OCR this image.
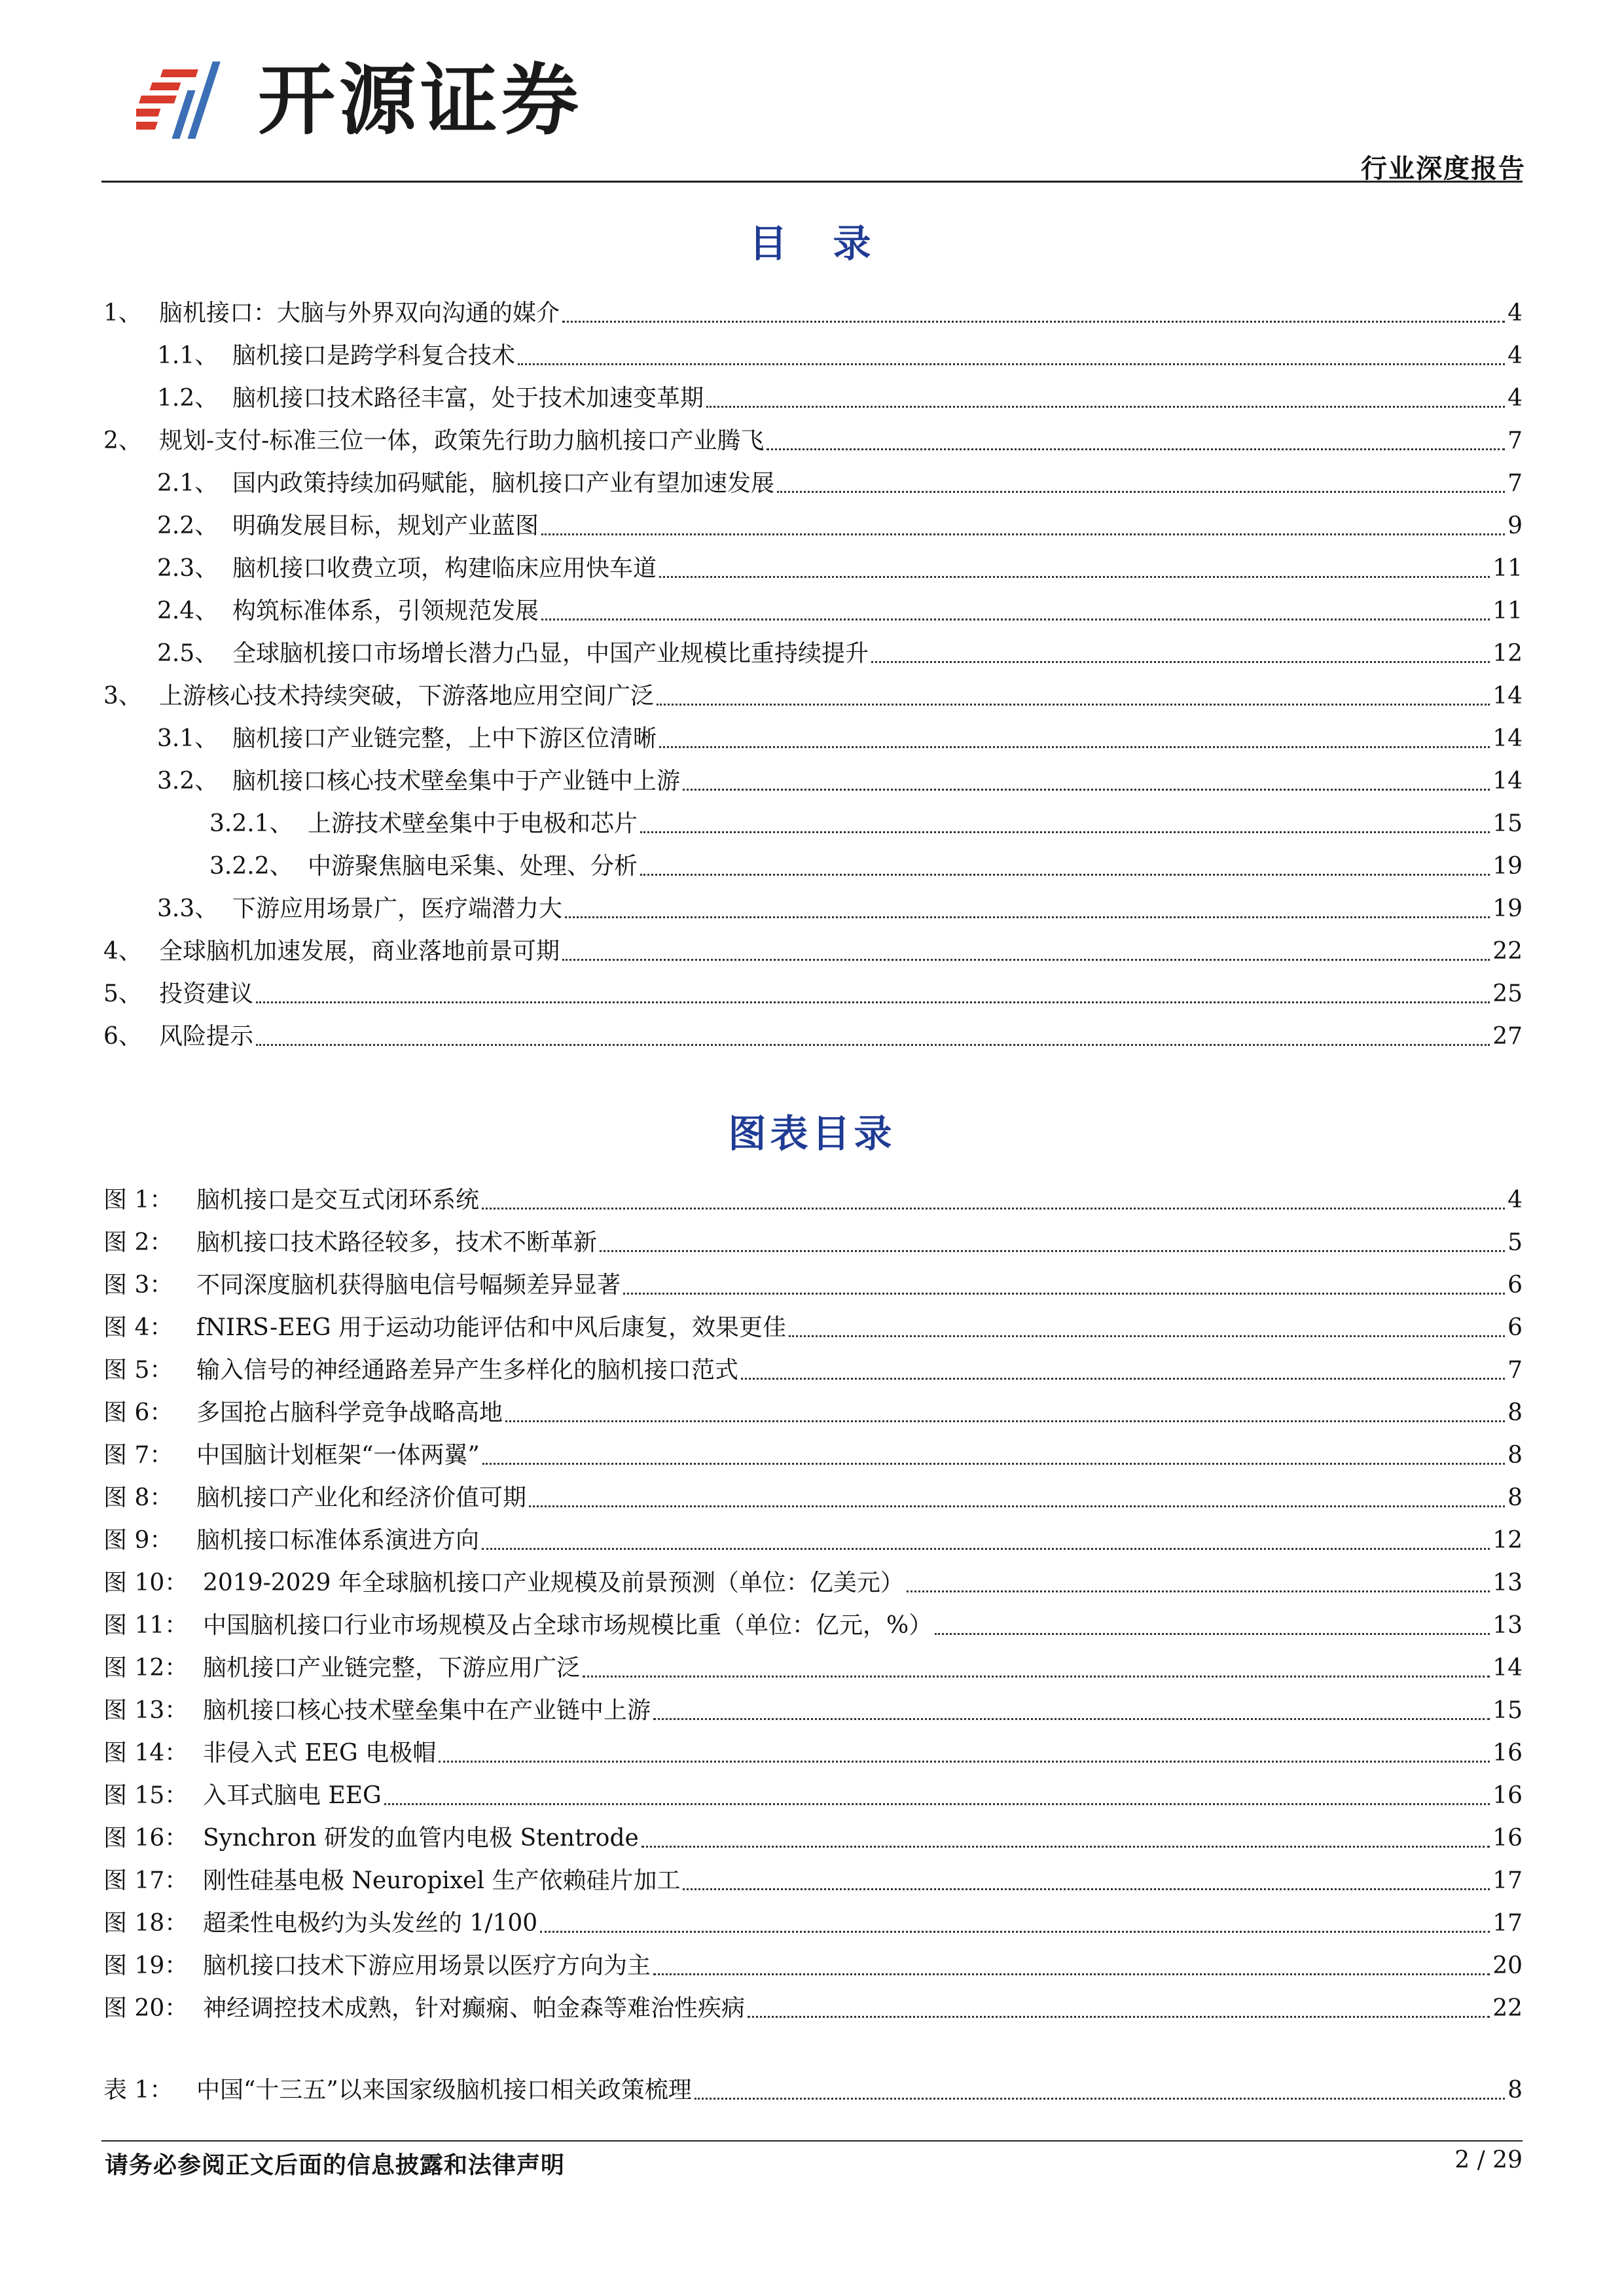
开源证券
行业深度报告
目　录
1、 脑机接口：大脑与外界双向沟通的媒介	4
1.1、 脑机接口是跨学科复合技术	4
1.2、 脑机接口技术路径丰富，处于技术加速变革期	4
2、 规划-支付-标准三位一体，政策先行助力脑机接口产业腾飞	7
2.1、 国内政策持续加码赋能，脑机接口产业有望加速发展	7
2.2、 明确发展目标，规划产业蓝图	9
2.3、 脑机接口收费立项，构建临床应用快车道	11
2.4、 构筑标准体系，引领规范发展	11
2.5、 全球脑机接口市场增长潜力凸显，中国产业规模比重持续提升	12
3、 上游核心技术持续突破，下游落地应用空间广泛	14
3.1、 脑机接口产业链完整，上中下游区位清晰	14
3.2、 脑机接口核心技术壁垒集中于产业链中上游	14
3.2.1、 上游技术壁垒集中于电极和芯片	15
3.2.2、 中游聚焦脑电采集、处理、分析	19
3.3、 下游应用场景广，医疗端潜力大	19
4、 全球脑机加速发展，商业落地前景可期	22
5、 投资建议	25
6、 风险提示	27
图表目录
图 1： 脑机接口是交互式闭环系统	4
图 2： 脑机接口技术路径较多，技术不断革新	5
图 3： 不同深度脑机获得脑电信号幅频差异显著	6
图 4： fNIRS-EEG 用于运动功能评估和中风后康复，效果更佳	6
图 5： 输入信号的神经通路差异产生多样化的脑机接口范式	7
图 6： 多国抢占脑科学竞争战略高地	8
图 7： 中国脑计划框架“一体两翼”	8
图 8： 脑机接口产业化和经济价值可期	8
图 9： 脑机接口标准体系演进方向	12
图 10： 2019-2029 年全球脑机接口产业规模及前景预测（单位：亿美元）	13
图 11： 中国脑机接口行业市场规模及占全球市场规模比重（单位：亿元，%）	13
图 12： 脑机接口产业链完整，下游应用广泛	14
图 13： 脑机接口核心技术壁垒集中在产业链中上游	15
图 14： 非侵入式 EEG 电极帽	16
图 15： 入耳式脑电 EEG	16
图 16： Synchron 研发的血管内电极 Stentrode	16
图 17： 刚性硅基电极 Neuropixel 生产依赖硅片加工	17
图 18： 超柔性电极约为头发丝的 1/100	17
图 19： 脑机接口技术下游应用场景以医疗方向为主	20
图 20： 神经调控技术成熟，针对癫痫、帕金森等难治性疾病	22
表 1： 中国“十三五”以来国家级脑机接口相关政策梳理	8
请务必参阅正文后面的信息披露和法律声明	2 / 29
